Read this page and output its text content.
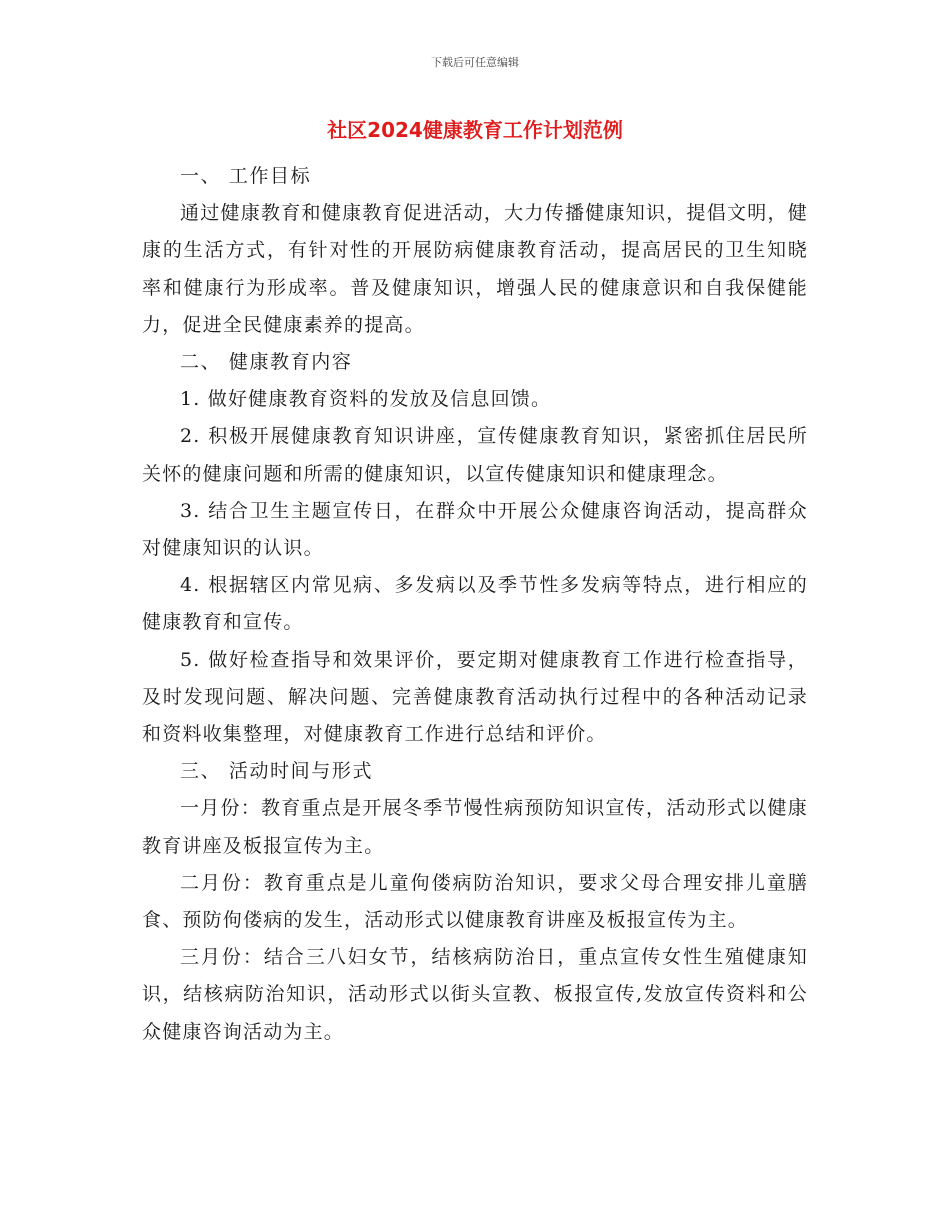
下载后可任意编辑
社区2024健康教育工作计划范例

一、 工作目标

通过健康教育和健康教育促进活动，大力传播健康知识，提倡文明，健康的生活方式，有针对性的开展防病健康教育活动，提高居民的卫生知晓率和健康行为形成率。普及健康知识，增强人民的健康意识和自我保健能力，促进全民健康素养的提高。

二、 健康教育内容

1. 做好健康教育资料的发放及信息回馈。

2. 积极开展健康教育知识讲座，宣传健康教育知识，紧密抓住居民所关怀的健康问题和所需的健康知识，以宣传健康知识和健康理念。

3. 结合卫生主题宣传日，在群众中开展公众健康咨询活动，提高群众对健康知识的认识。

4. 根据辖区内常见病、多发病以及季节性多发病等特点，进行相应的健康教育和宣传。

5. 做好检查指导和效果评价，要定期对健康教育工作进行检查指导，及时发现问题、解决问题、完善健康教育活动执行过程中的各种活动记录和资料收集整理，对健康教育工作进行总结和评价。

三、 活动时间与形式

一月份：教育重点是开展冬季节慢性病预防知识宣传，活动形式以健康教育讲座及板报宣传为主。

二月份：教育重点是儿童佝偻病防治知识，要求父母合理安排儿童膳食、预防佝偻病的发生，活动形式以健康教育讲座及板报宣传为主。

三月份：结合三八妇女节，结核病防治日，重点宣传女性生殖健康知识，结核病防治知识，活动形式以街头宣教、板报宣传,发放宣传资料和公众健康咨询活动为主。
